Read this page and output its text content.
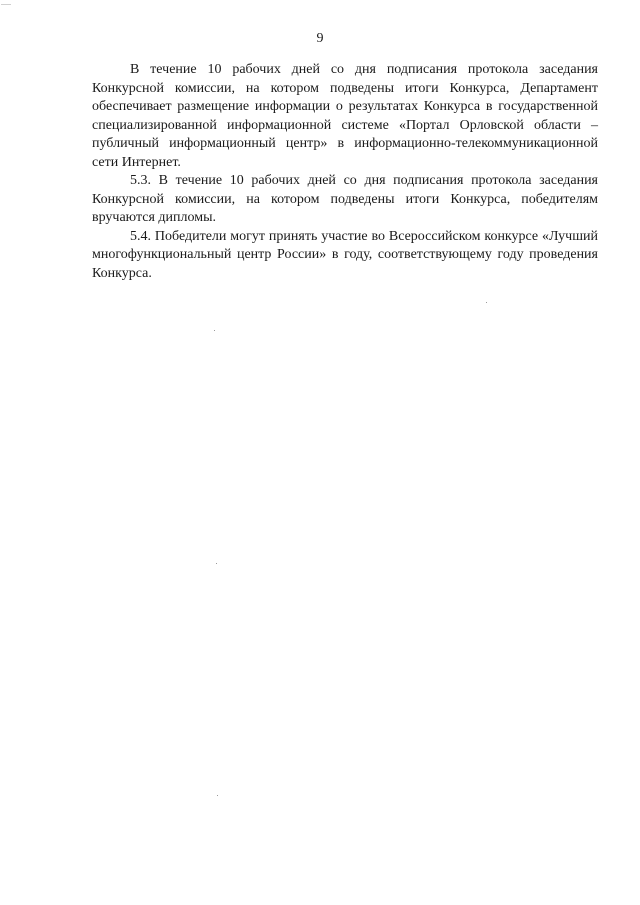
9

В течение 10 рабочих дней со дня подписания протокола заседания Конкурсной комиссии, на котором подведены итоги Конкурса, Департамент обеспечивает размещение информации о результатах Конкурса в государственной специализированной информационной системе «Портал Орловской области – публичный информационный центр» в информационно-телекоммуникационной сети Интернет.

5.3. В течение 10 рабочих дней со дня подписания протокола заседания Конкурсной комиссии, на котором подведены итоги Конкурса, победителям вручаются дипломы.

5.4. Победители могут принять участие во Всероссийском конкурсе «Лучший многофункциональный центр России» в году, соответствующему году проведения Конкурса.
